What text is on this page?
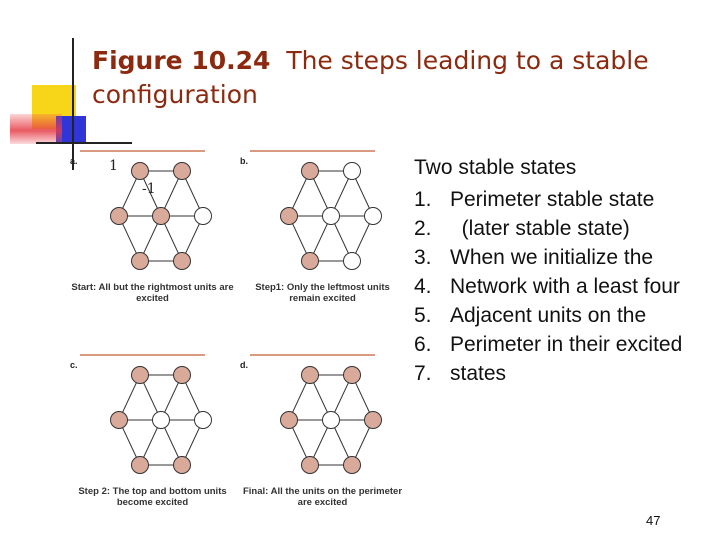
Figure 10.24 The steps leading to a stable configuration
a.
Start: All but the rightmost units are excited
b.
Step1: Only the leftmost units remain excited
c.
Step 2: The top and bottom units become excited
d.
Final: All the units on the perimeter are excited
1
-1
Two stable states
1. Perimeter stable state
2. (later stable state)
3. When we initialize the
4. Network with a least four
5. Adjacent units on the
6. Perimeter in their excited
7. states
47
